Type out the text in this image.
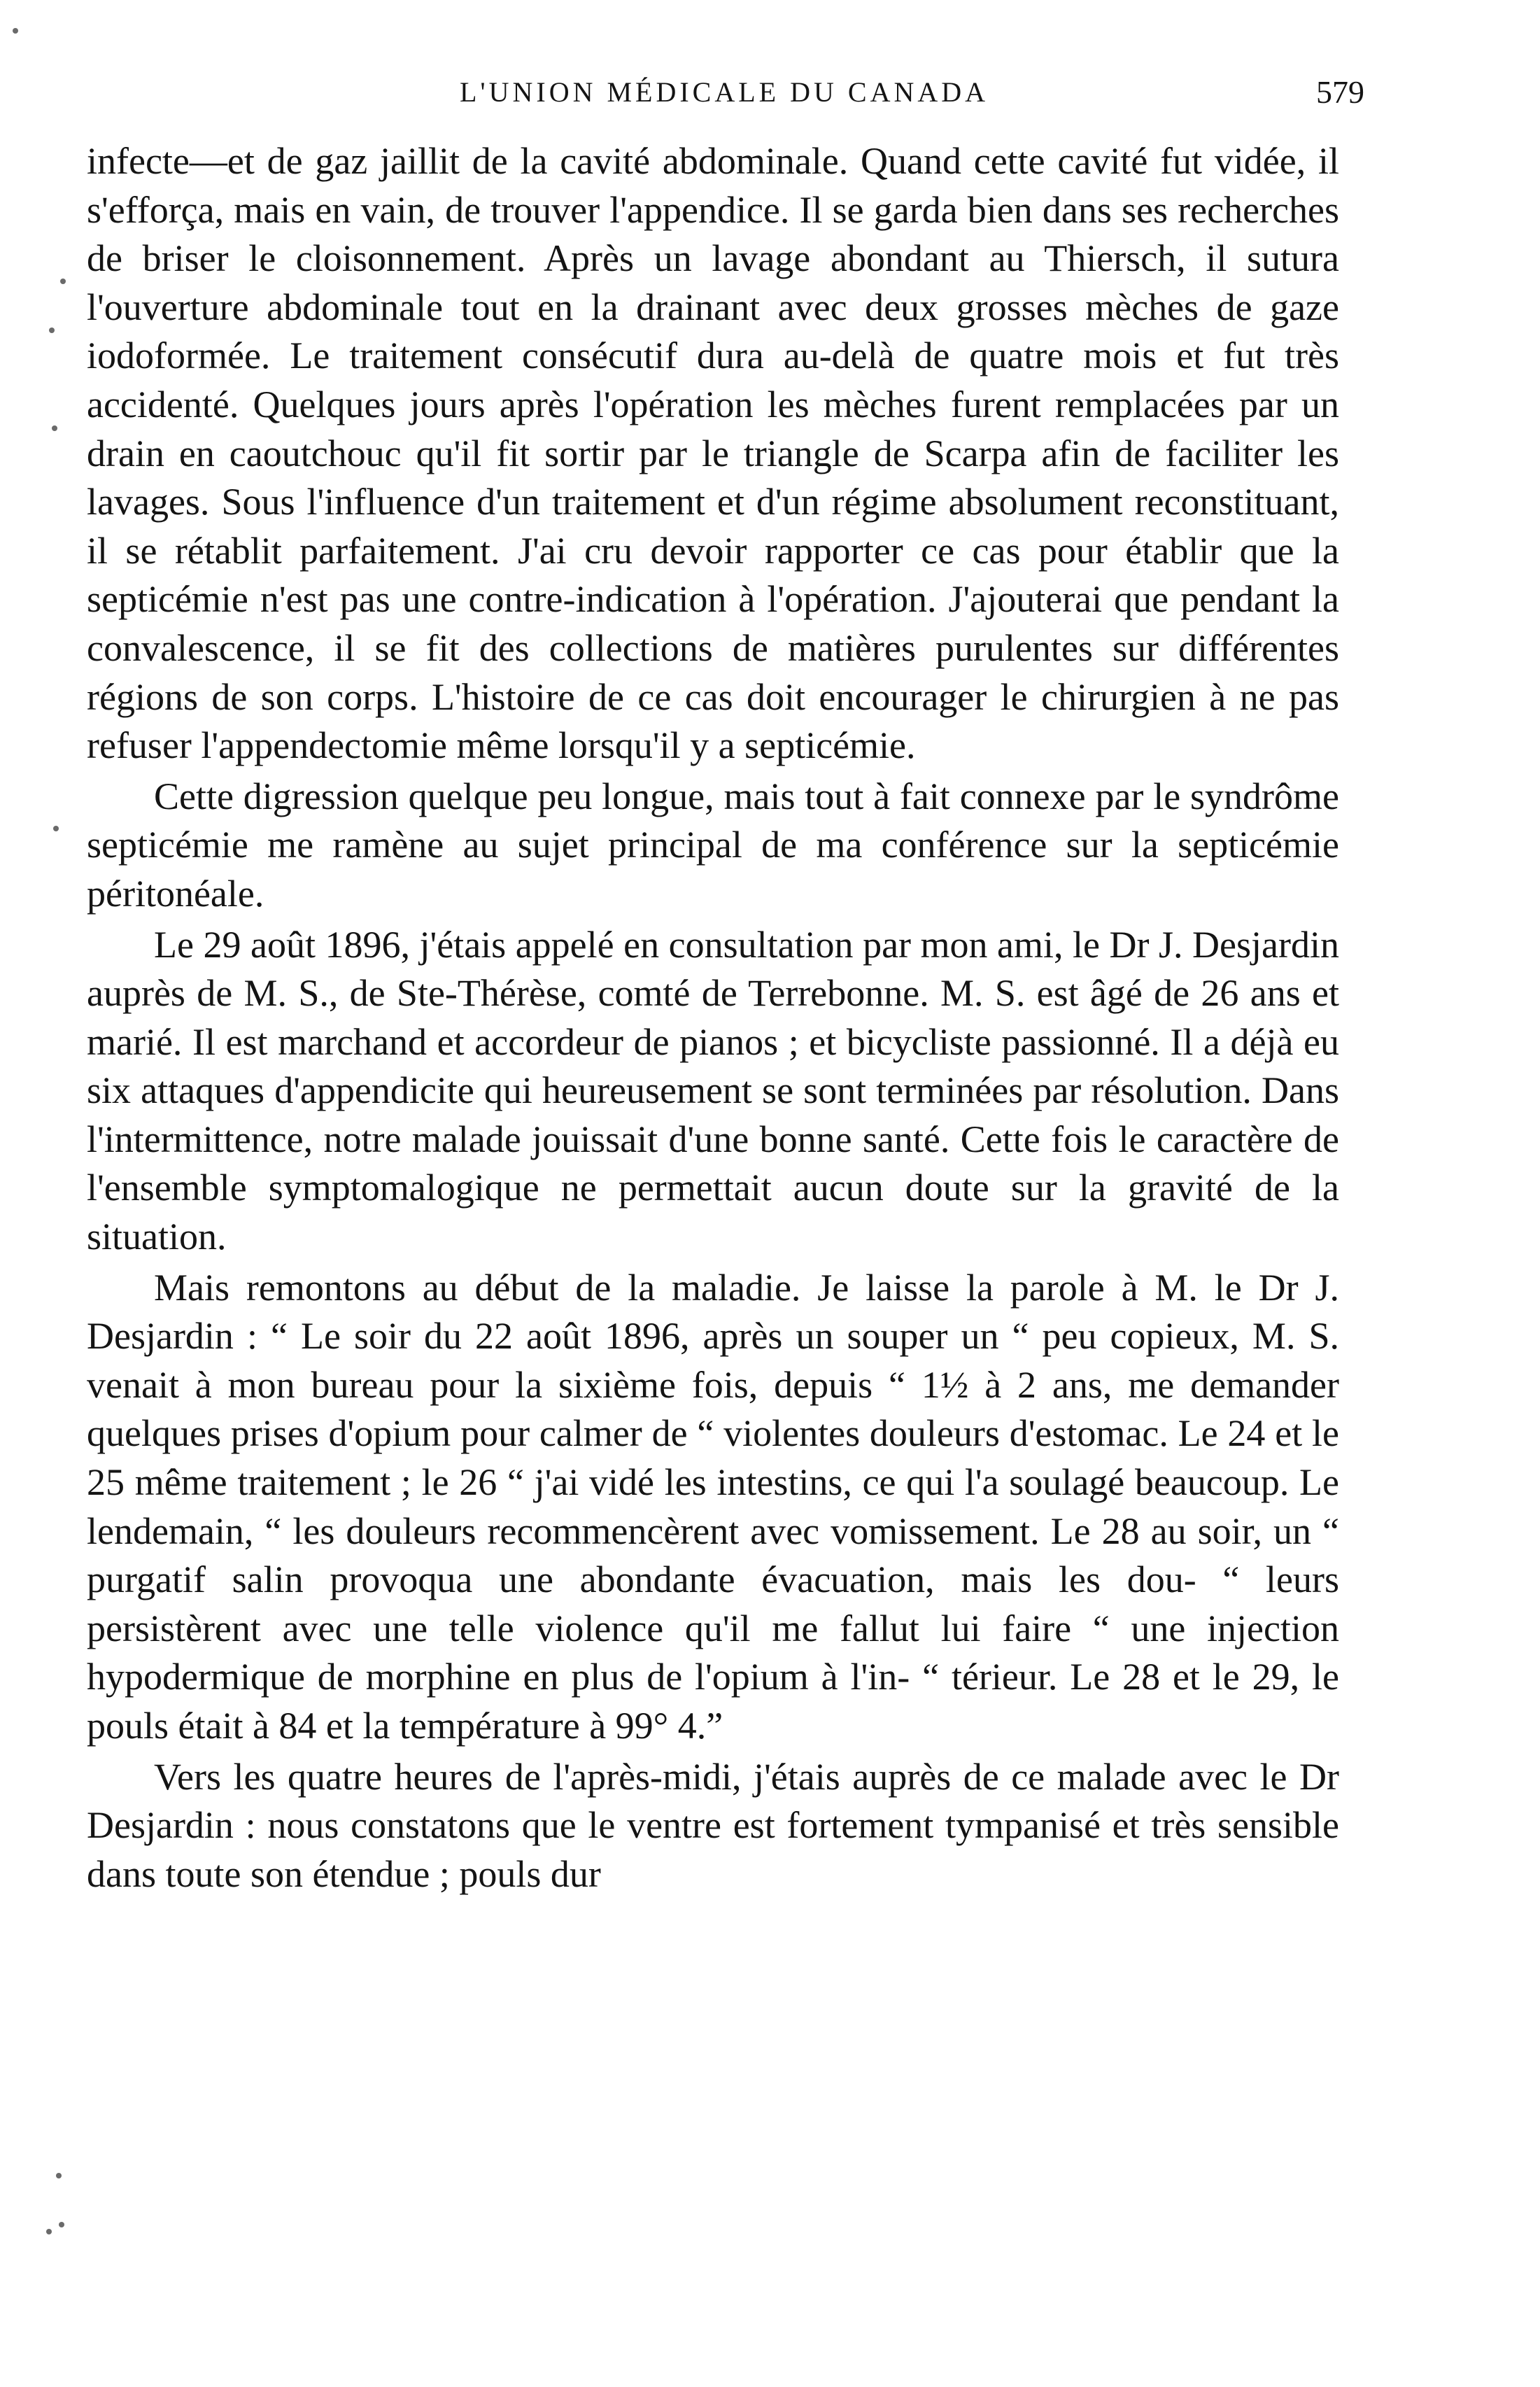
L'UNION MÉDICALE DU CANADA	579

infecte—et de gaz jaillit de la cavité abdominale. Quand cette cavité fut vidée, il s'efforça, mais en vain, de trouver l'appendice. Il se garda bien dans ses recherches de briser le cloisonnement. Après un lavage abondant au Thiersch, il sutura l'ouverture abdominale tout en la drainant avec deux grosses mèches de gaze iodoformée. Le traitement consécutif dura au-delà de quatre mois et fut très accidenté. Quelques jours après l'opération les mèches furent remplacées par un drain en caoutchouc qu'il fit sortir par le triangle de Scarpa afin de faciliter les lavages. Sous l'influence d'un traitement et d'un régime absolument reconstituant, il se rétablit parfaitement. J'ai cru devoir rapporter ce cas pour établir que la septicémie n'est pas une contre-indication à l'opération. J'ajouterai que pendant la convalescence, il se fit des collections de matières purulentes sur différentes régions de son corps. L'histoire de ce cas doit encourager le chirurgien à ne pas refuser l'appendectomie même lorsqu'il y a septicémie.

Cette digression quelque peu longue, mais tout à fait connexe par le syndrôme septicémie me ramène au sujet principal de ma conférence sur la septicémie péritonéale.

Le 29 août 1896, j'étais appelé en consultation par mon ami, le Dr J. Desjardin auprès de M. S., de Ste-Thérèse, comté de Terrebonne. M. S. est âgé de 26 ans et marié. Il est marchand et accordeur de pianos ; et bicycliste passionné. Il a déjà eu six attaques d'appendicite qui heureusement se sont terminées par résolution. Dans l'intermittence, notre malade jouissait d'une bonne santé. Cette fois le caractère de l'ensemble symptomalogique ne permettait aucun doute sur la gravité de la situation.

Mais remontons au début de la maladie. Je laisse la parole à M. le Dr J. Desjardin : “ Le soir du 22 août 1896, après un souper un “ peu copieux, M. S. venait à mon bureau pour la sixième fois, depuis “ 1½ à 2 ans, me demander quelques prises d'opium pour calmer de “ violentes douleurs d'estomac. Le 24 et le 25 même traitement ; le 26 “ j'ai vidé les intestins, ce qui l'a soulagé beaucoup. Le lendemain, “ les douleurs recommencèrent avec vomissement. Le 28 au soir, un “ purgatif salin provoqua une abondante évacuation, mais les dou- “ leurs persistèrent avec une telle violence qu'il me fallut lui faire “ une injection hypodermique de morphine en plus de l'opium à l'in- “ térieur. Le 28 et le 29, le pouls était à 84 et la température à 99° 4.”

Vers les quatre heures de l'après-midi, j'étais auprès de ce malade avec le Dr Desjardin : nous constatons que le ventre est fortement tympanisé et très sensible dans toute son étendue ; pouls dur
